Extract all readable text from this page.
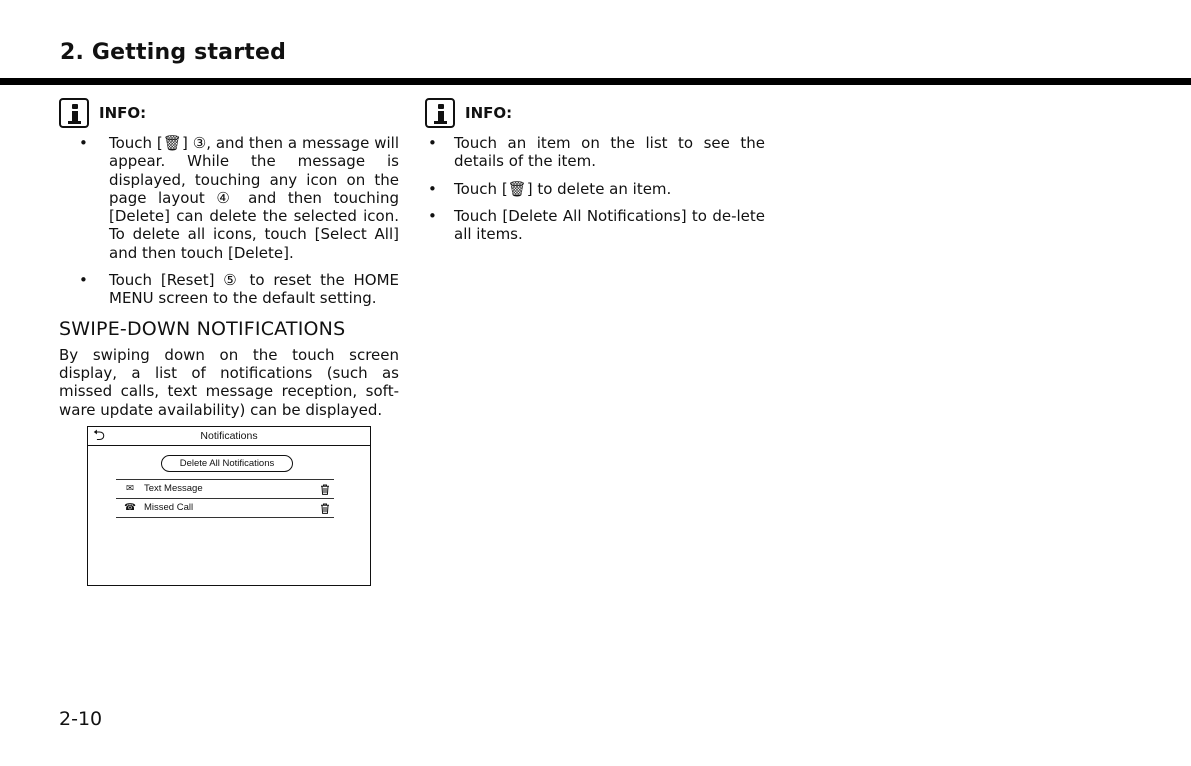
2. Getting started
INFO:
• Touch [🗑] ③, and then a message will appear. While the message is displayed, touching any icon on the page layout ④ and then touching [Delete] can delete the selected icon. To delete all icons, touch [Select All] and then touch [Delete].
• Touch [Reset] ⑤ to reset the HOME MENU screen to the default setting.
SWIPE-DOWN NOTIFICATIONS
By swiping down on the touch screen display, a list of notifications (such as missed calls, text message reception, soft-ware update availability) can be displayed.
⮌	Notifications
Delete All Notifications
✉	Text Message
☎ Missed Call
INFO:
• Touch an item on the list to see the details of the item.
• Touch [🗑] to delete an item.
• Touch [Delete All Notifications] to de-lete all items.
2-10
